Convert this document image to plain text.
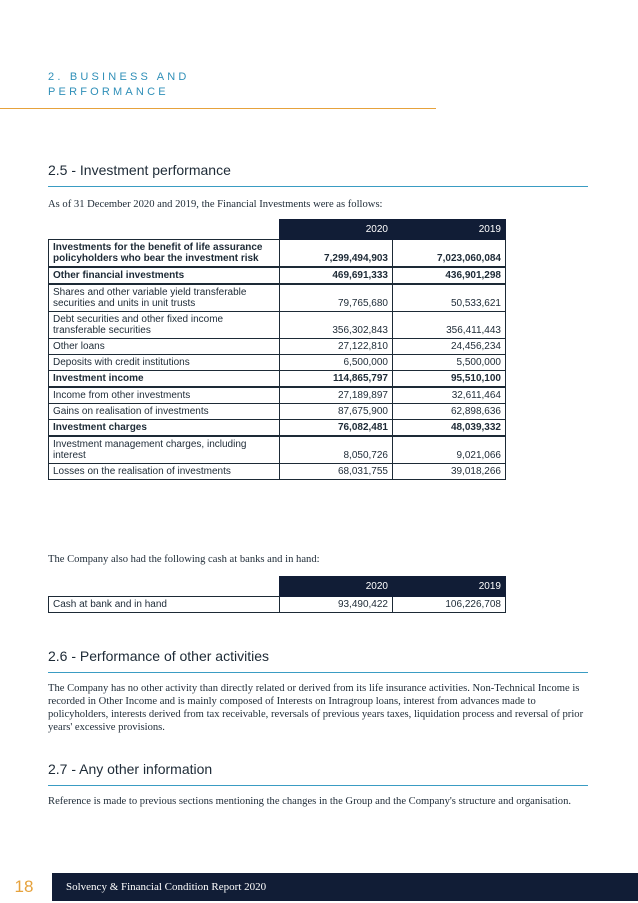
2. BUSINESS AND
PERFORMANCE
2.5 - Investment performance
As of 31 December 2020 and 2019, the Financial Investments were as follows:
	2020	2019
Investments for the benefit of life assurance policyholders who bear the investment risk	7,299,494,903	7,023,060,084
Other financial investments	469,691,333	436,901,298
Shares and other variable yield transferable securities and units in unit trusts	79,765,680	50,533,621
Debt securities and other fixed income transferable securities	356,302,843	356,411,443
Other loans	27,122,810	24,456,234
Deposits with credit institutions	6,500,000	5,500,000
Investment income	114,865,797	95,510,100
Income from other investments	27,189,897	32,611,464
Gains on realisation of investments	87,675,900	62,898,636
Investment charges	76,082,481	48,039,332
Investment management charges, including interest	8,050,726	9,021,066
Losses on the realisation of investments	68,031,755	39,018,266
The Company also had the following cash at banks and in hand:
	2020	2019
Cash at bank and in hand	93,490,422	106,226,708
2.6 - Performance of other activities
The Company has no other activity than directly related or derived from its life insurance activities. Non-Technical Income is recorded in Other Income and is mainly composed of Interests on Intragroup loans, interest from advances made to policyholders, interests derived from tax receivable, reversals of previous years taxes, liquidation process and reversal of prior years' excessive provisions.
2.7 - Any other information
Reference is made to previous sections mentioning the changes in the Group and the Company's structure and organisation.
18	Solvency & Financial Condition Report 2020
